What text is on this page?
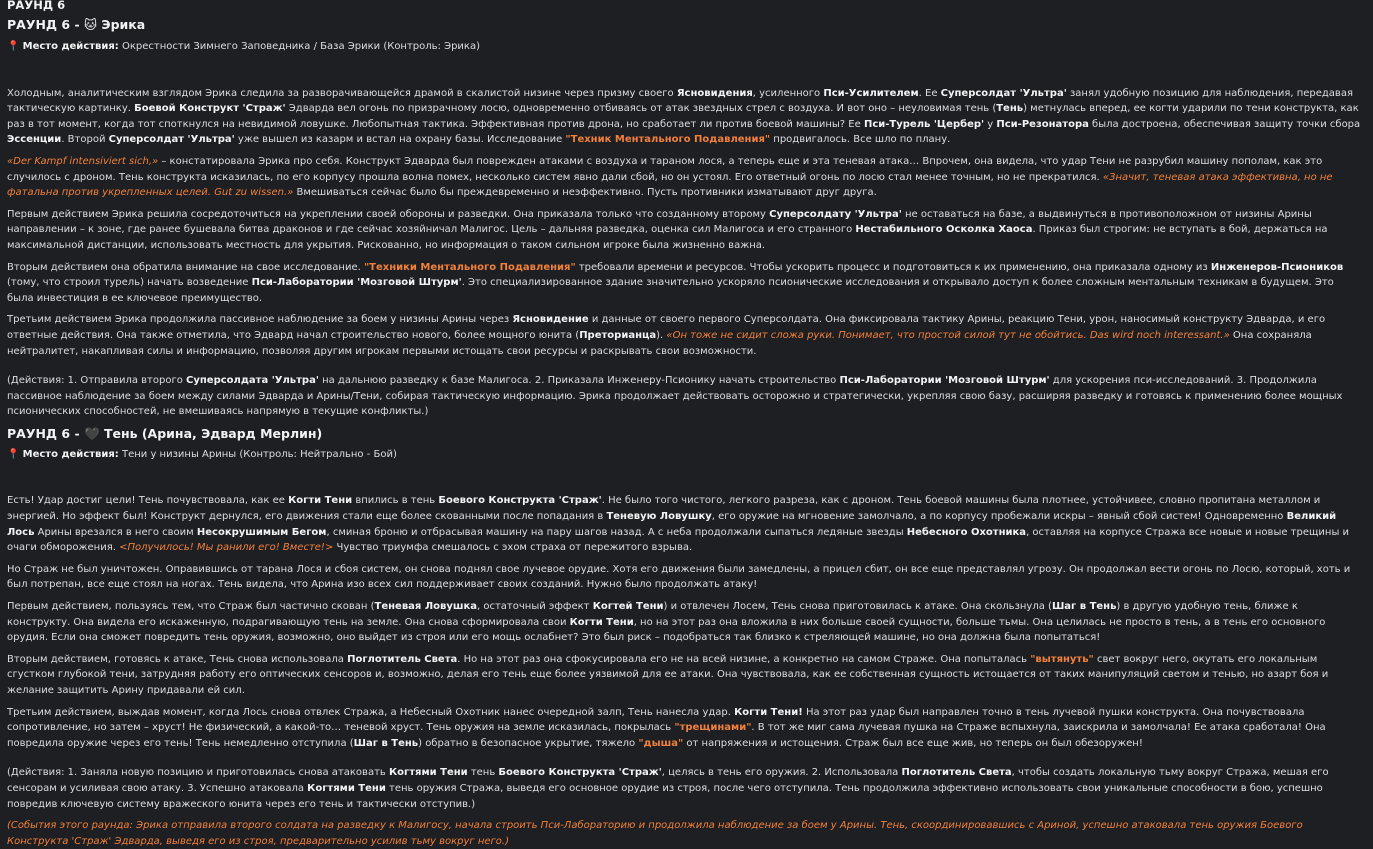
РАУНД 6
РАУНД 6 - 🐱 Эрика
📍 Место действия: Окрестности Зимнего Заповедника / База Эрики (Контроль: Эрика)

Холодным, аналитическим взглядом Эрика следила за разворачивающейся драмой в скалистой низине через призму своего Ясновидения, усиленного Пси-Усилителем. Ее Суперсолдат 'Ультра' занял удобную позицию для наблюдения, передавая тактическую картинку. Боевой Конструкт 'Страж' Эдварда вел огонь по призрачному лосю, одновременно отбиваясь от атак звездных стрел с воздуха. И вот оно – неуловимая тень (Тень) метнулась вперед, ее когти ударили по тени конструкта, как раз в тот момент, когда тот споткнулся на невидимой ловушке. Любопытная тактика. Эффективная против дрона, но сработает ли против боевой машины? Ее Пси-Турель 'Цербер' у Пси-Резонатора была достроена, обеспечивая защиту точки сбора Эссенции. Второй Суперсолдат 'Ультра' уже вышел из казарм и встал на охрану базы. Исследование "Техник Ментального Подавления" продвигалось. Все шло по плану.

«Der Kampf intensiviert sich,» – констатировала Эрика про себя. Конструкт Эдварда был поврежден атаками с воздуха и тараном лося, а теперь еще и эта теневая атака… Впрочем, она видела, что удар Тени не разрубил машину пополам, как это случилось с дроном. Тень конструкта исказилась, по его корпусу прошла волна помех, несколько систем явно дали сбой, но он устоял. Его ответный огонь по лосю стал менее точным, но не прекратился. «Значит, теневая атака эффективна, но не фатальна против укрепленных целей. Gut zu wissen.» Вмешиваться сейчас было бы преждевременно и неэффективно. Пусть противники изматывают друг друга.

Первым действием Эрика решила сосредоточиться на укреплении своей обороны и разведки. Она приказала только что созданному второму Суперсолдату 'Ультра' не оставаться на базе, а выдвинуться в противоположном от низины Арины направлении – к зоне, где ранее бушевала битва драконов и где сейчас хозяйничал Малигос. Цель – дальняя разведка, оценка сил Малигоса и его странного Нестабильного Осколка Хаоса. Приказ был строгим: не вступать в бой, держаться на максимальной дистанции, использовать местность для укрытия. Рискованно, но информация о таком сильном игроке была жизненно важна.

Вторым действием она обратила внимание на свое исследование. "Техники Ментального Подавления" требовали времени и ресурсов. Чтобы ускорить процесс и подготовиться к их применению, она приказала одному из Инженеров-Псиоников (тому, что строил турель) начать возведение Пси-Лаборатории 'Мозговой Штурм'. Это специализированное здание значительно ускоряло псионические исследования и открывало доступ к более сложным ментальным техникам в будущем. Это была инвестиция в ее ключевое преимущество.

Третьим действием Эрика продолжила пассивное наблюдение за боем у низины Арины через Ясновидение и данные от своего первого Суперсолдата. Она фиксировала тактику Арины, реакцию Тени, урон, наносимый конструкту Эдварда, и его ответные действия. Она также отметила, что Эдвард начал строительство нового, более мощного юнита (Преторианца). «Он тоже не сидит сложа руки. Понимает, что простой силой тут не обойтись. Das wird noch interessant.» Она сохраняла нейтралитет, накапливая силы и информацию, позволяя другим игрокам первыми истощать свои ресурсы и раскрывать свои возможности.

(Действия: 1. Отправила второго Суперсолдата 'Ультра' на дальнюю разведку к базе Малигоса. 2. Приказала Инженеру-Псионику начать строительство Пси-Лаборатории 'Мозговой Штурм' для ускорения пси-исследований. 3. Продолжила пассивное наблюдение за боем между силами Эдварда и Арины/Тени, собирая тактическую информацию. Эрика продолжает действовать осторожно и стратегически, укрепляя свою базу, расширяя разведку и готовясь к применению более мощных псионических способностей, не вмешиваясь напрямую в текущие конфликты.)

РАУНД 6 - 🖤 Тень (Арина, Эдвард Мерлин)
📍 Место действия: Тени у низины Арины (Контроль: Нейтрально - Бой)

Есть! Удар достиг цели! Тень почувствовала, как ее Когти Тени впились в тень Боевого Конструкта 'Страж'. Не было того чистого, легкого разреза, как с дроном. Тень боевой машины была плотнее, устойчивее, словно пропитана металлом и энергией. Но эффект был! Конструкт дернулся, его движения стали еще более скованными после попадания в Теневую Ловушку, его оружие на мгновение замолчало, а по корпусу пробежали искры – явный сбой систем! Одновременно Великий Лось Арины врезался в него своим Несокрушимым Бегом, сминая броню и отбрасывая машину на пару шагов назад. А с неба продолжали сыпаться ледяные звезды Небесного Охотника, оставляя на корпусе Стража все новые и новые трещины и очаги обморожения. <Получилось! Мы ранили его! Вместе!> Чувство триумфа смешалось с эхом страха от пережитого взрыва.

Но Страж не был уничтожен. Оправившись от тарана Лося и сбоя систем, он снова поднял свое лучевое орудие. Хотя его движения были замедлены, а прицел сбит, он все еще представлял угрозу. Он продолжал вести огонь по Лосю, который, хоть и был потрепан, все еще стоял на ногах. Тень видела, что Арина изо всех сил поддерживает своих созданий. Нужно было продолжать атаку!

Первым действием, пользуясь тем, что Страж был частично скован (Теневая Ловушка, остаточный эффект Когтей Тени) и отвлечен Лосем, Тень снова приготовилась к атаке. Она скользнула (Шаг в Тень) в другую удобную тень, ближе к конструкту. Она видела его искаженную, подрагивающую тень на земле. Она снова сформировала свои Когти Тени, но на этот раз она вложила в них больше своей сущности, больше тьмы. Она целилась не просто в тень, а в тень его основного орудия. Если она сможет повредить тень оружия, возможно, оно выйдет из строя или его мощь ослабнет? Это был риск – подобраться так близко к стреляющей машине, но она должна была попытаться!

Вторым действием, готовясь к атаке, Тень снова использовала Поглотитель Света. Но на этот раз она сфокусировала его не на всей низине, а конкретно на самом Страже. Она попыталась "вытянуть" свет вокруг него, окутать его локальным сгустком глубокой тени, затрудняя работу его оптических сенсоров и, возможно, делая его тень еще более уязвимой для ее атаки. Она чувствовала, как ее собственная сущность истощается от таких манипуляций светом и тенью, но азарт боя и желание защитить Арину придавали ей сил.

Третьим действием, выждав момент, когда Лось снова отвлек Стража, а Небесный Охотник нанес очередной залп, Тень нанесла удар. Когти Тени! На этот раз удар был направлен точно в тень лучевой пушки конструкта. Она почувствовала сопротивление, но затем – хруст! Не физический, а какой-то… теневой хруст. Тень оружия на земле исказилась, покрылась "трещинами". В тот же миг сама лучевая пушка на Страже вспыхнула, заискрила и замолчала! Ее атака сработала! Она повредила оружие через его тень! Тень немедленно отступила (Шаг в Тень) обратно в безопасное укрытие, тяжело "дыша" от напряжения и истощения. Страж был все еще жив, но теперь он был обезоружен!

(Действия: 1. Заняла новую позицию и приготовилась снова атаковать Когтями Тени тень Боевого Конструкта 'Страж', целясь в тень его оружия. 2. Использовала Поглотитель Света, чтобы создать локальную тьму вокруг Стража, мешая его сенсорам и усиливая свою атаку. 3. Успешно атаковала Когтями Тени тень оружия Стража, выведя его основное орудие из строя, после чего отступила. Тень продолжила эффективно использовать свои уникальные способности в бою, успешно повредив ключевую систему вражеского юнита через его тень и тактически отступив.)

(События этого раунда: Эрика отправила второго солдата на разведку к Малигосу, начала строить Пси-Лабораторию и продолжила наблюдение за боем у Арины. Тень, скоординировавшись с Ариной, успешно атаковала тень оружия Боевого Конструкта 'Страж' Эдварда, выведя его из строя, предварительно усилив тьму вокруг него.)
